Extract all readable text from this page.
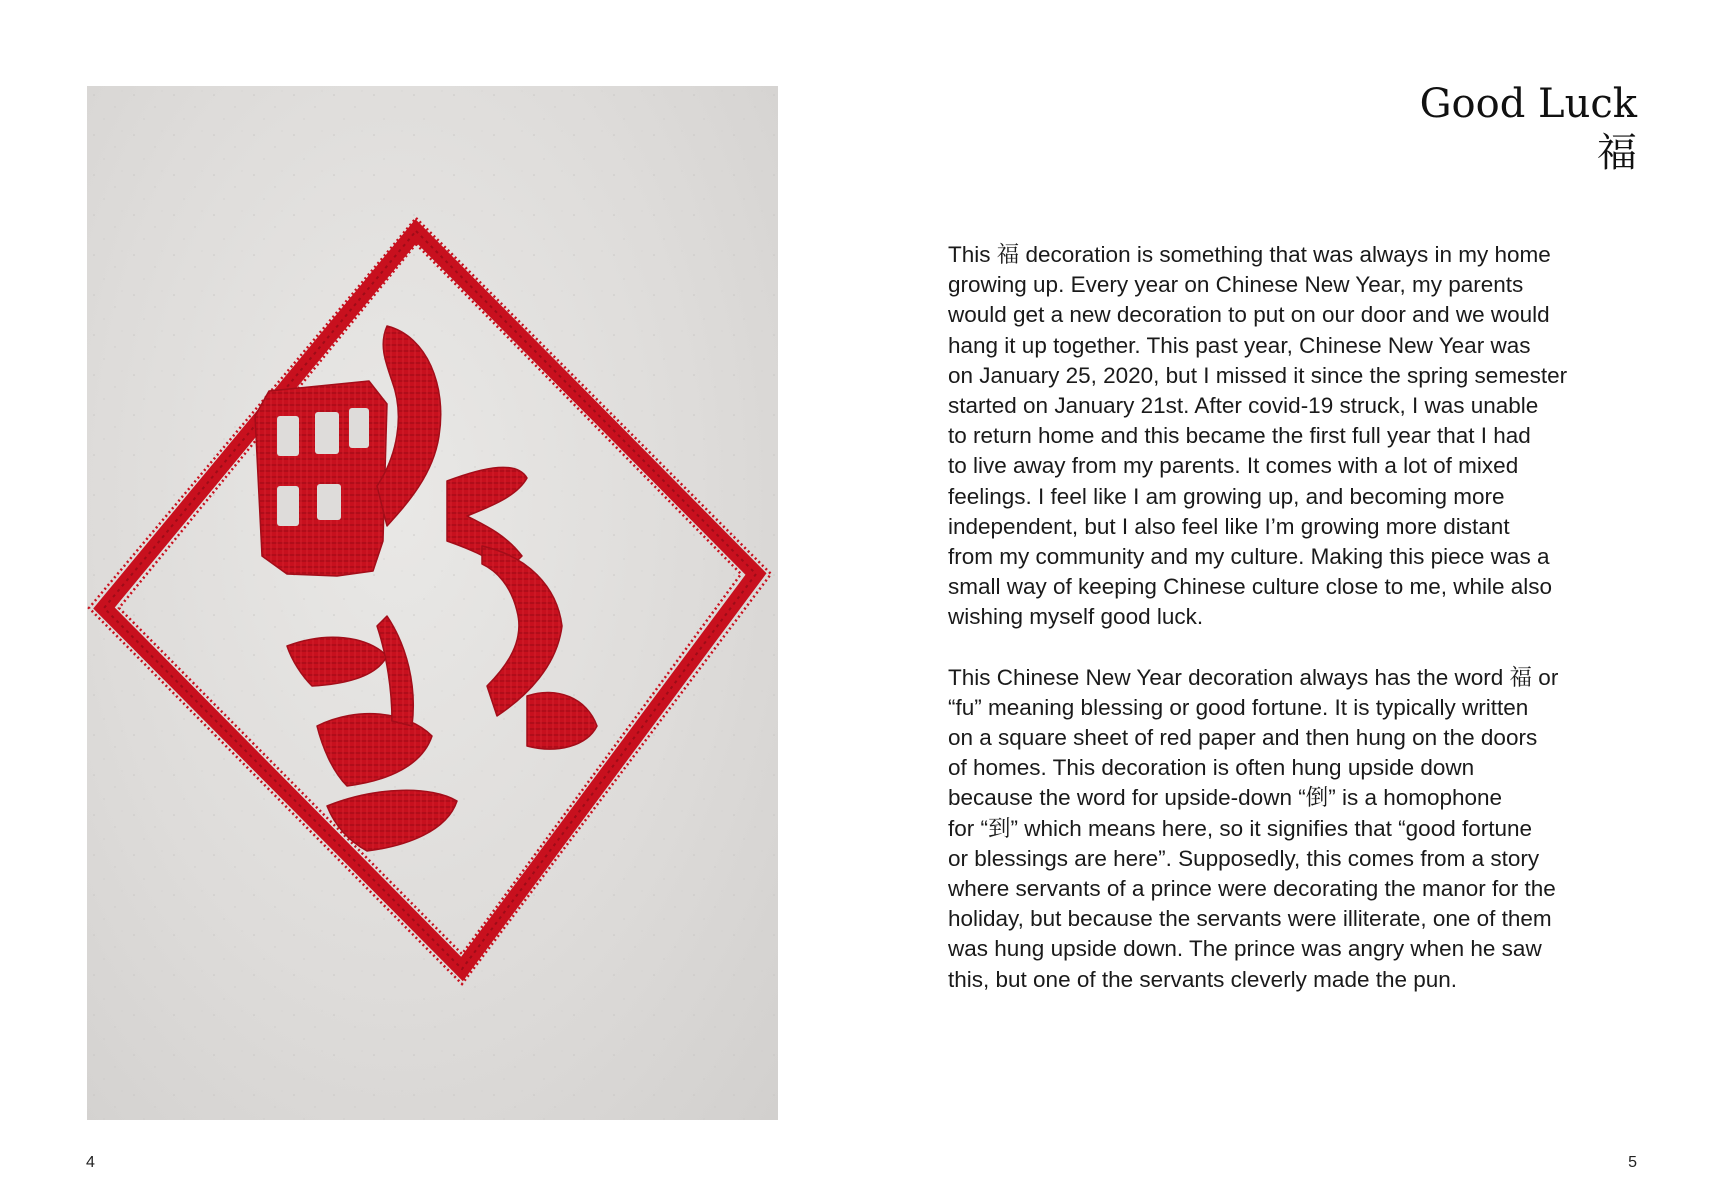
Good Luck
福

This 福 decoration is something that was always in my home
growing up. Every year on Chinese New Year, my parents
would get a new decoration to put on our door and we would
hang it up together. This past year, Chinese New Year was
on January 25, 2020, but I missed it since the spring semester
started on January 21st. After covid-19 struck, I was unable
to return home and this became the first full year that I had
to live away from my parents. It comes with a lot of mixed
feelings. I feel like I am growing up, and becoming more
independent, but I also feel like I’m growing more distant
from my community and my culture. Making this piece was a
small way of keeping Chinese culture close to me, while also
wishing myself good luck.

This Chinese New Year decoration always has the word 福 or
“fu” meaning blessing or good fortune. It is typically written
on a square sheet of red paper and then hung on the doors
of homes. This decoration is often hung upside down
because the word for upside-down “倒” is a homophone
for “到” which means here, so it signifies that “good fortune
or blessings are here”. Supposedly, this comes from a story
where servants of a prince were decorating the manor for the
holiday, but because the servants were illiterate, one of them
was hung upside down. The prince was angry when he saw
this, but one of the servants cleverly made the pun.

4	5
